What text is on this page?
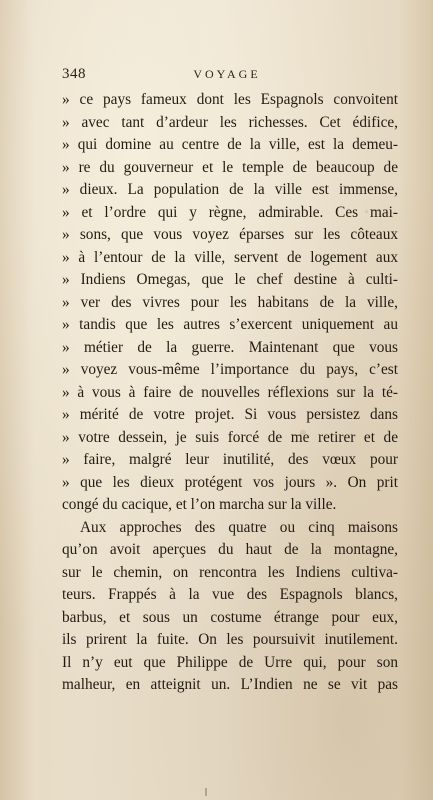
348	VOYAGE
» ce pays fameux dont les Espagnols convoitent
» avec tant d’ardeur les richesses. Cet édifice,
» qui domine au centre de la ville, est la demeu-
» re du gouverneur et le temple de beaucoup de
» dieux. La population de la ville est immense,
» et l’ordre qui y règne, admirable. Ces mai-
» sons, que vous voyez éparses sur les côteaux
» à l’entour de la ville, servent de logement aux
» Indiens Omegas, que le chef destine à culti-
» ver des vivres pour les habitans de la ville,
» tandis que les autres s’exercent uniquement au
» métier de la guerre. Maintenant que vous
» voyez vous-même l’importance du pays, c’est
» à vous à faire de nouvelles réflexions sur la té-
» mérité de votre projet. Si vous persistez dans
» votre dessein, je suis forcé de me retirer et de
» faire, malgré leur inutilité, des vœux pour
» que les dieux protégent vos jours ». On prit
congé du cacique, et l’on marcha sur la ville.
Aux approches des quatre ou cinq maisons
qu’on avoit aperçues du haut de la montagne,
sur le chemin, on rencontra les Indiens cultiva-
teurs. Frappés à la vue des Espagnols blancs,
barbus, et sous un costume étrange pour eux,
ils prirent la fuite. On les poursuivit inutilement.
Il n’y eut que Philippe de Urre qui, pour son
malheur, en atteignit un. L’Indien ne se vit pas
